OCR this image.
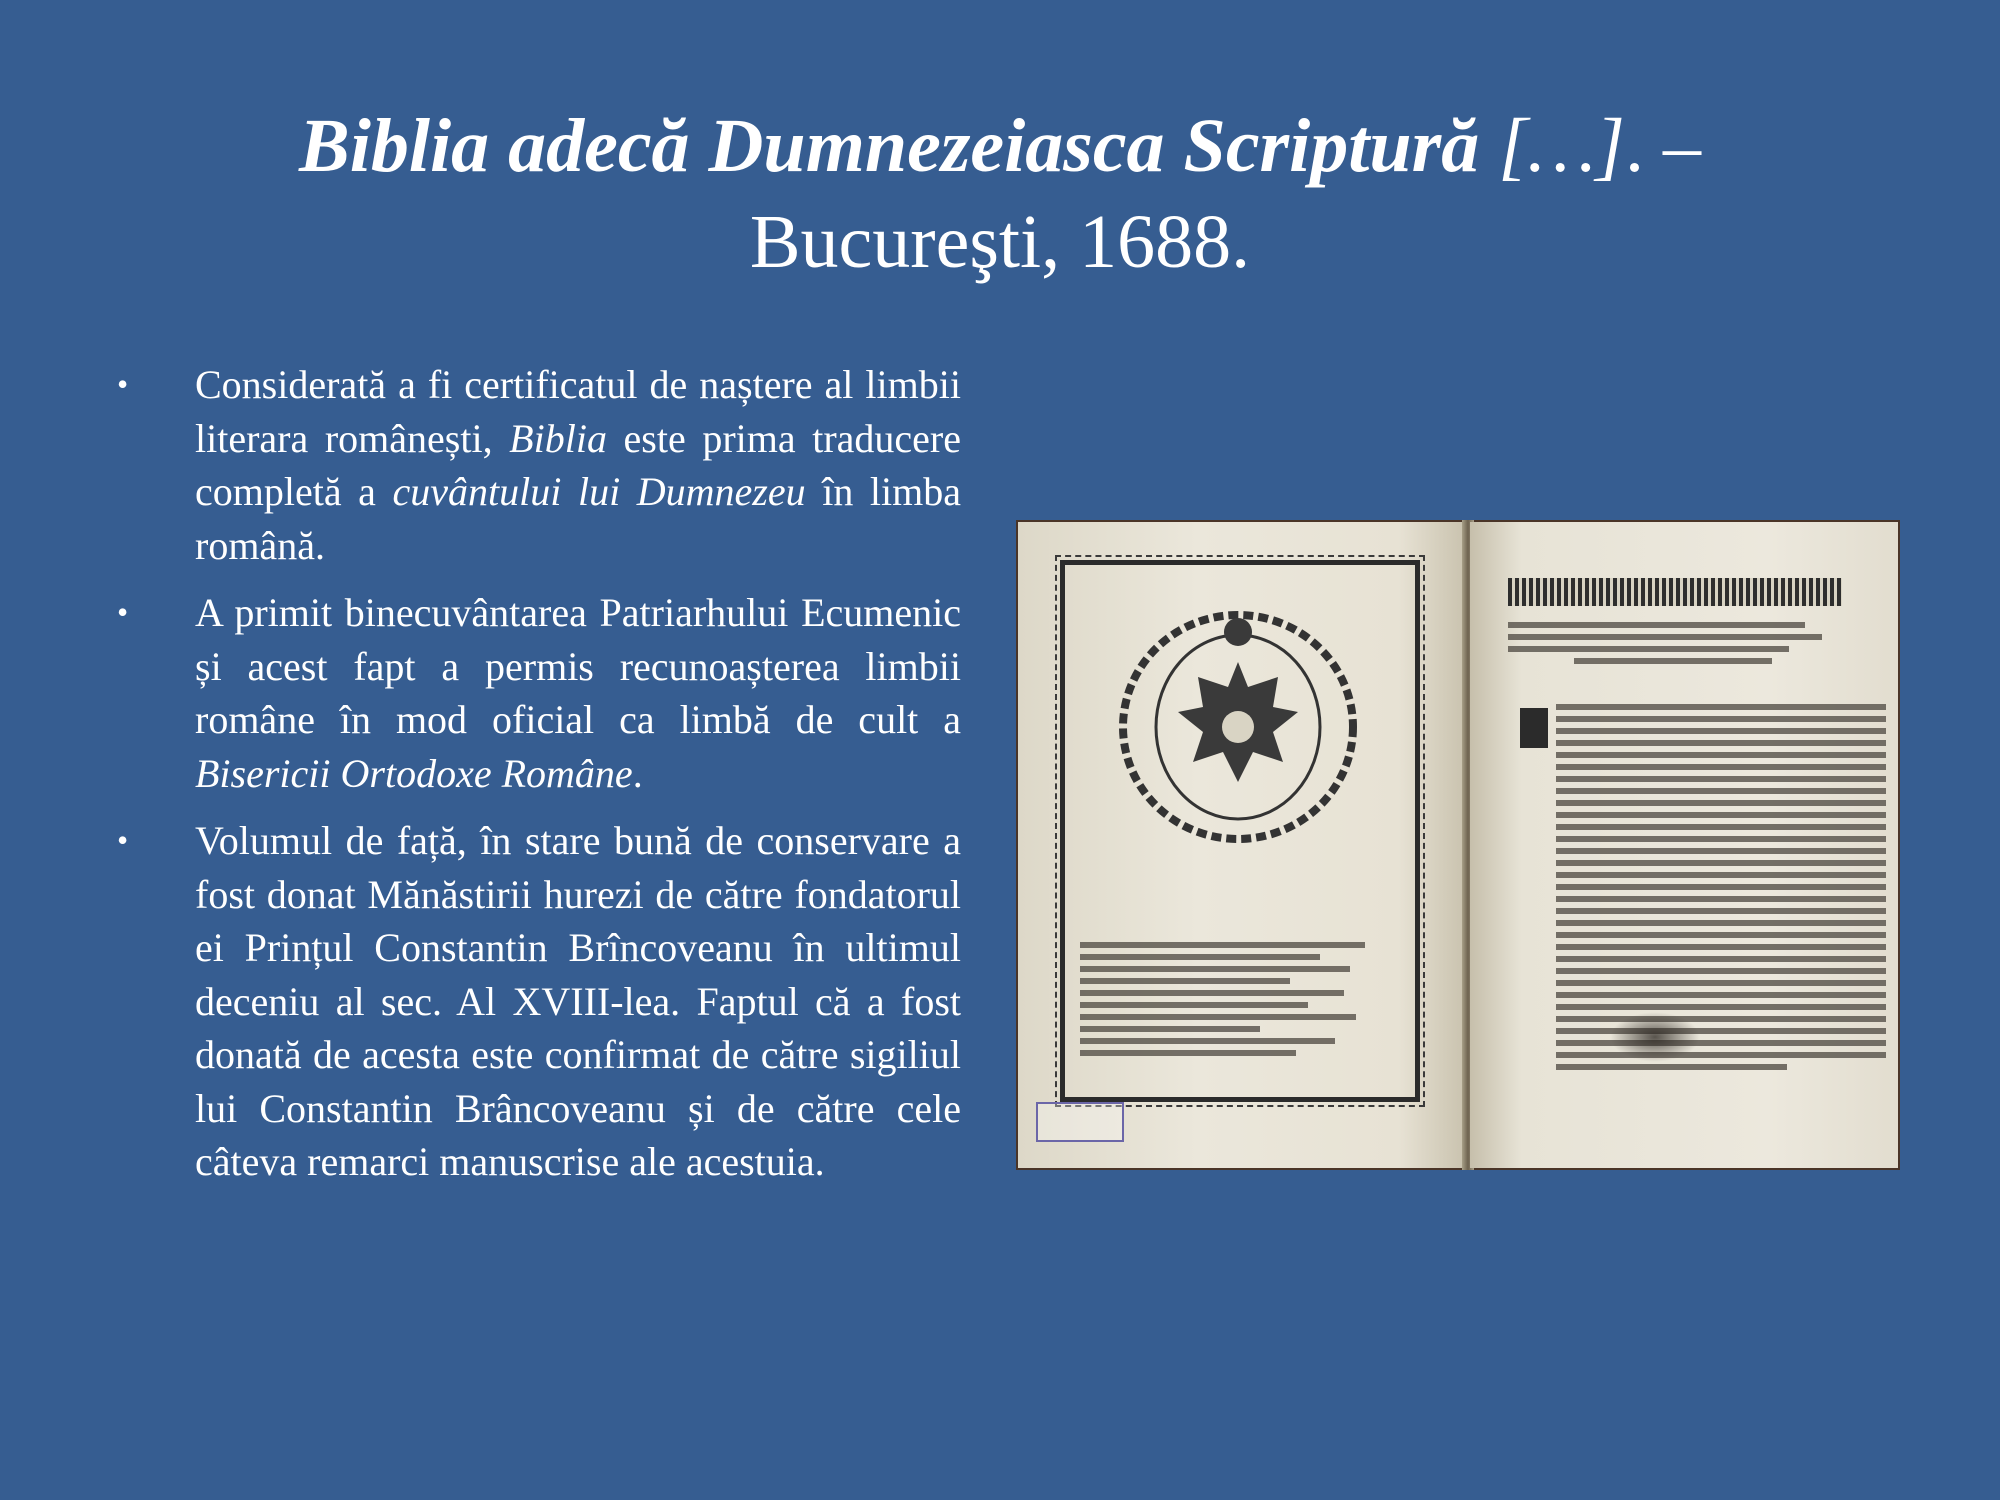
Biblia adecă Dumnezeiasca Scriptură […]. –
Bucureşti, 1688.
• Considerată a fi certificatul de naștere al limbii literara românești, Biblia este prima traducere completă a cuvântului lui Dumnezeu în limba română.
• A primit binecuvântarea Patriarhului Ecumenic și acest fapt a permis recunoașterea limbii române în mod oficial ca limbă de cult a Bisericii Ortodoxe Române.
• Volumul de față, în stare bună de conservare a fost donat Mănăstirii hurezi de către fondatorul ei Prințul Constantin Brîncoveanu în ultimul deceniu al sec. Al XVIII-lea. Faptul că a fost donată de acesta este confirmat de către sigiliul lui Constantin Brâncoveanu și de către cele câteva remarci manuscrise ale acestuia.
